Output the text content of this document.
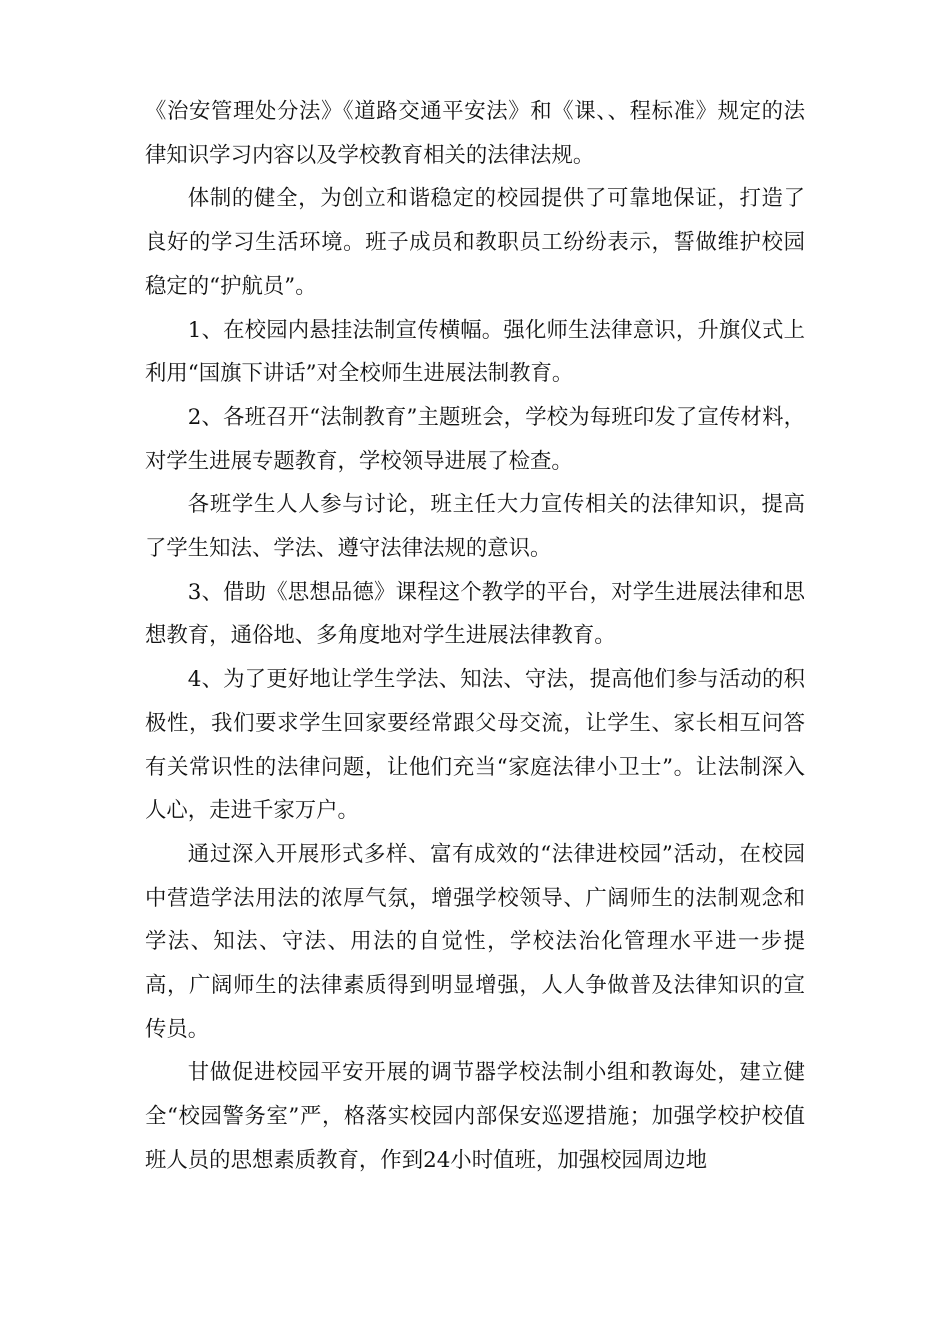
《治安管理处分法》《道路交通平安法》和《课、、程标准》规定的法律知识学习内容以及学校教育相关的法律法规。

体制的健全，为创立和谐稳定的校园提供了可靠地保证，打造了良好的学习生活环境。班子成员和教职员工纷纷表示，誓做维护校园稳定的“护航员”。

1、在校园内悬挂法制宣传横幅。强化师生法律意识，升旗仪式上利用“国旗下讲话”对全校师生进展法制教育。

2、各班召开“法制教育”主题班会，学校为每班印发了宣传材料，对学生进展专题教育，学校领导进展了检查。

各班学生人人参与讨论，班主任大力宣传相关的法律知识，提高了学生知法、学法、遵守法律法规的意识。

3、借助《思想品德》课程这个教学的平台，对学生进展法律和思想教育，通俗地、多角度地对学生进展法律教育。

4、为了更好地让学生学法、知法、守法，提高他们参与活动的积极性，我们要求学生回家要经常跟父母交流，让学生、家长相互问答有关常识性的法律问题，让他们充当“家庭法律小卫士”。让法制深入人心，走进千家万户。

通过深入开展形式多样、富有成效的“法律进校园”活动，在校园中营造学法用法的浓厚气氛，增强学校领导、广阔师生的法制观念和学法、知法、守法、用法的自觉性，学校法治化管理水平进一步提高，广阔师生的法律素质得到明显增强，人人争做普及法律知识的宣传员。

甘做促进校园平安开展的调节器学校法制小组和教诲处，建立健全“校园警务室”严，格落实校园内部保安巡逻措施；加强学校护校值班人员的思想素质教育，作到24小时值班，加强校园周边地
